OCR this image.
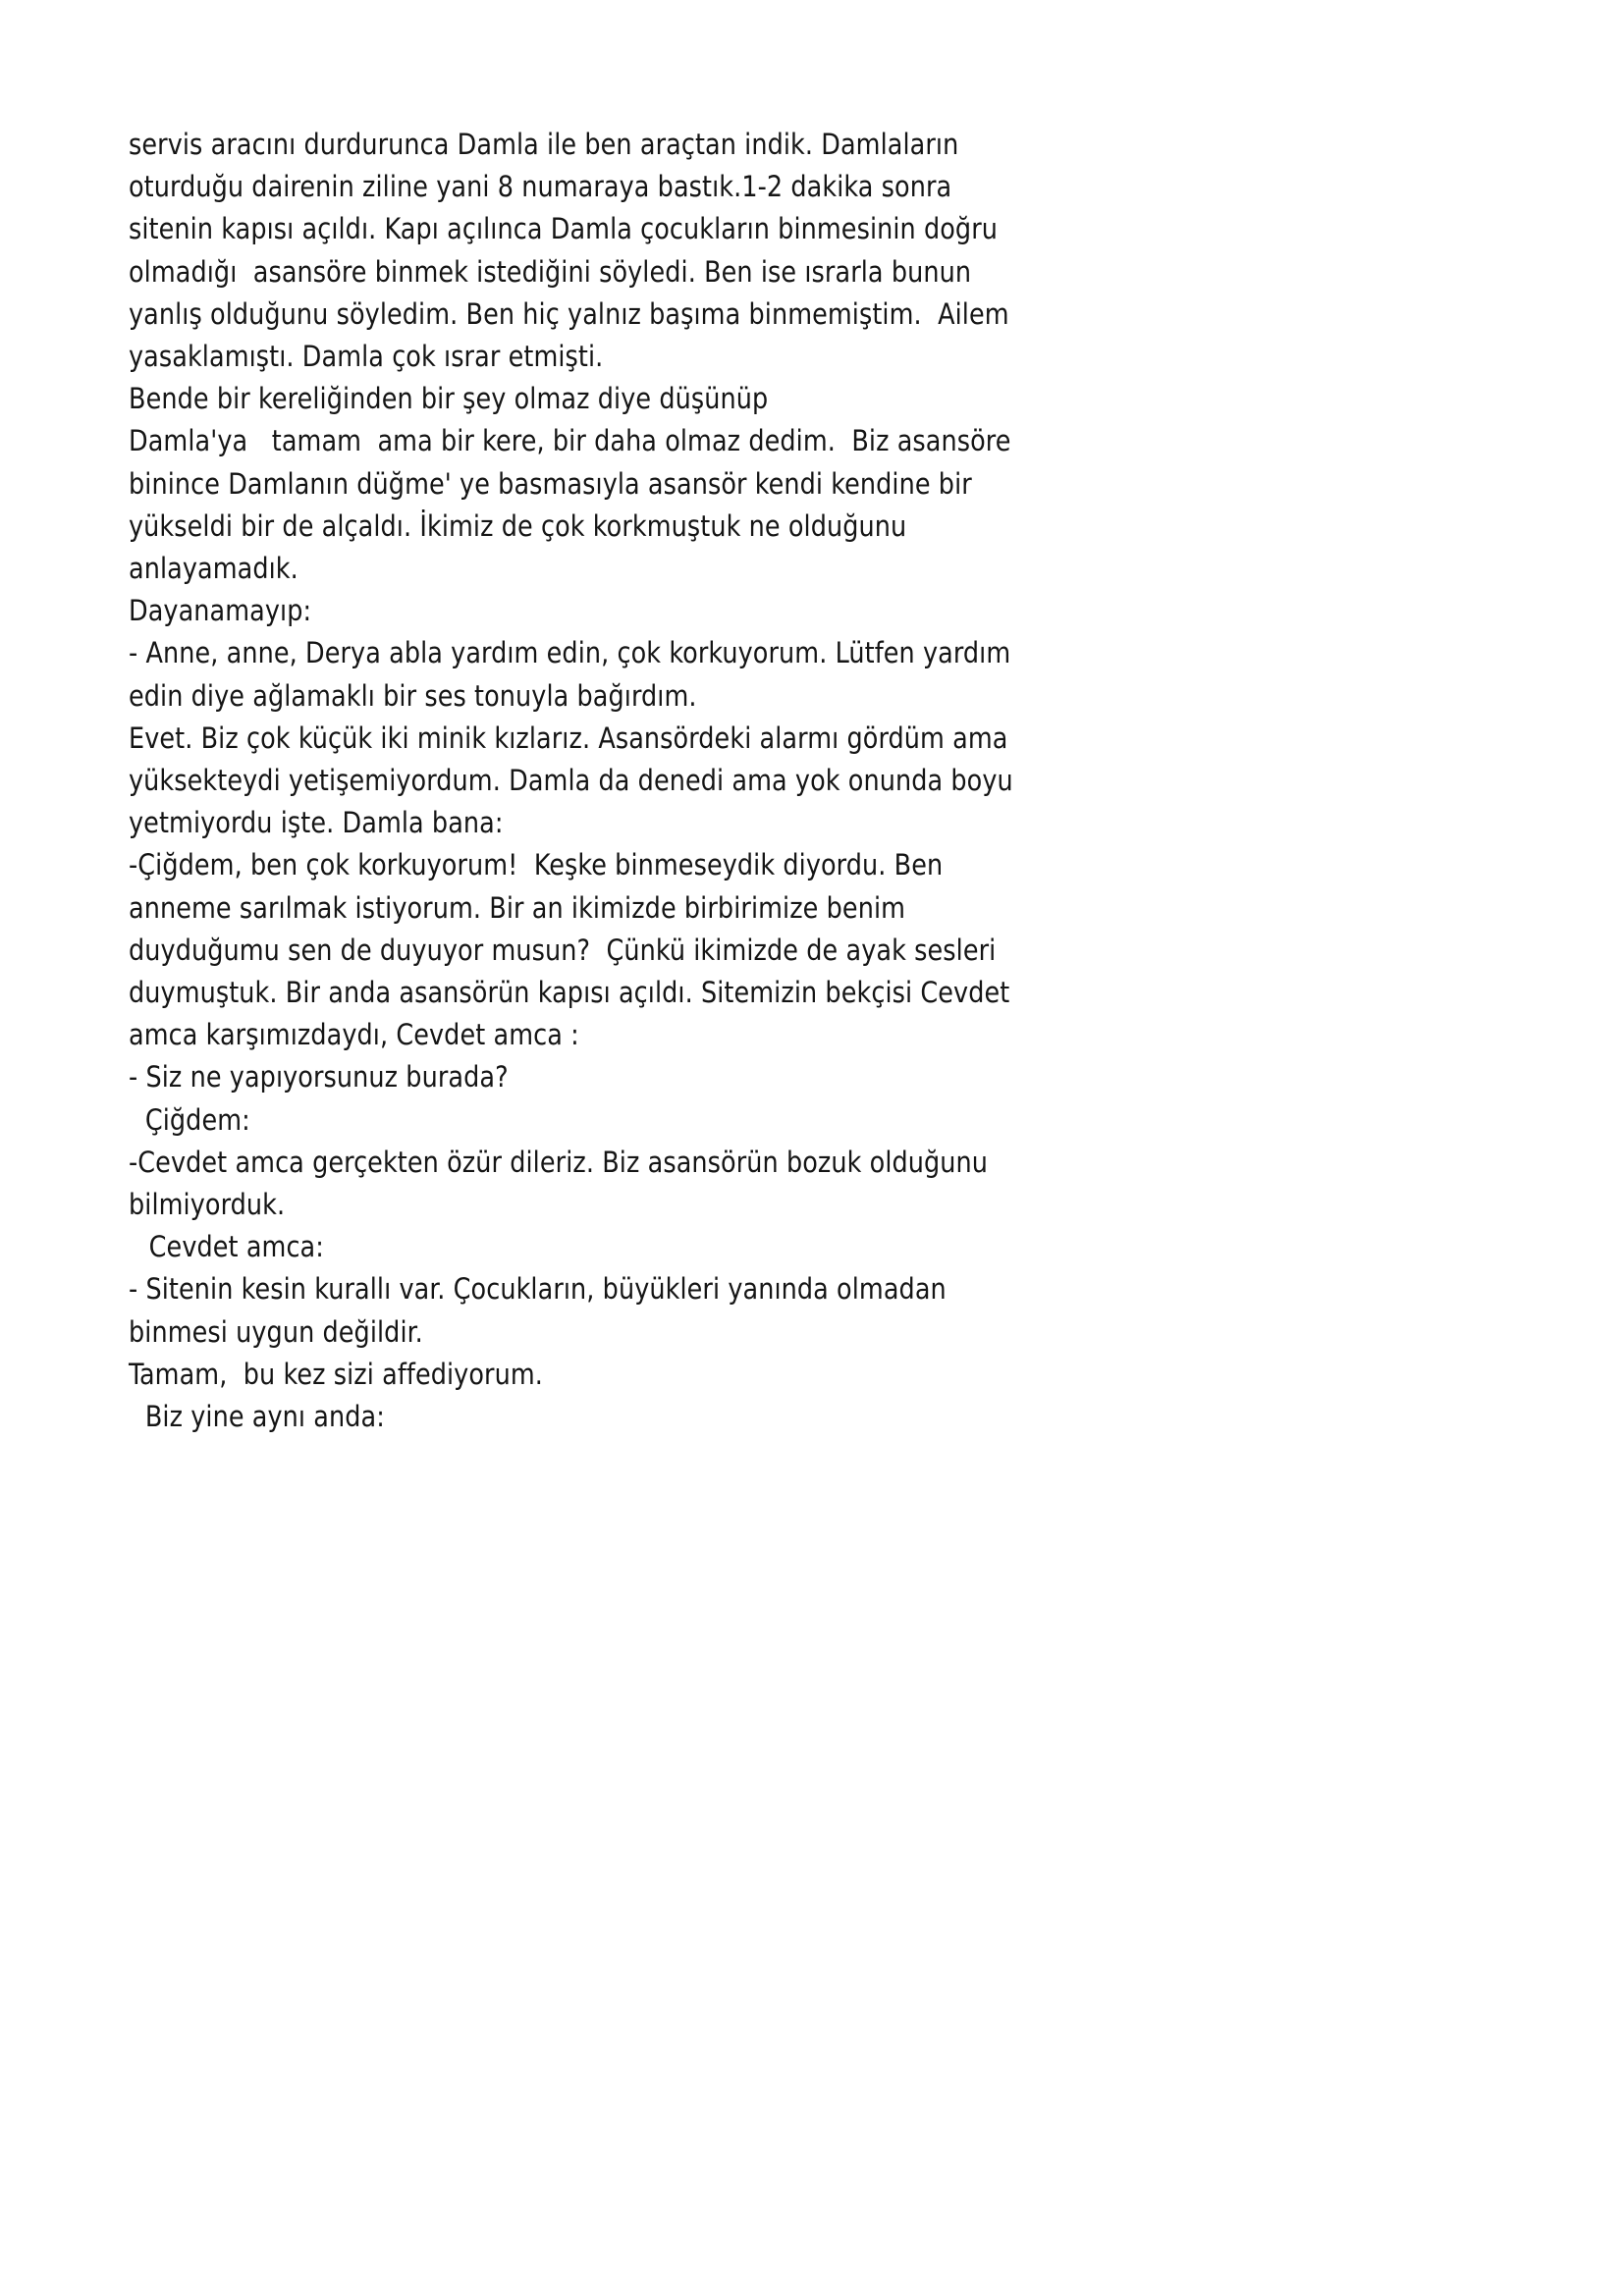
servis aracını durdurunca Damla ile ben araçtan indik. Damlaların
oturduğu dairenin ziline yani 8 numaraya bastık.1-2 dakika sonra
sitenin kapısı açıldı. Kapı açılınca Damla çocukların binmesinin doğru
olmadığı  asansöre binmek istediğini söyledi. Ben ise ısrarla bunun
yanlış olduğunu söyledim. Ben hiç yalnız başıma binmemiştim.  Ailem
yasaklamıştı. Damla çok ısrar etmişti.

Bende bir kereliğinden bir şey olmaz diye düşünüp

Damla'ya   tamam  ama bir kere, bir daha olmaz dedim.  Biz asansöre
binince Damlanın düğme' ye basmasıyla asansör kendi kendine bir
yükseldi bir de alçaldı. İkimiz de çok korkmuştuk ne olduğunu
anlayamadık.

Dayanamayıp:

- Anne, anne, Derya abla yardım edin, çok korkuyorum. Lütfen yardım
edin diye ağlamaklı bir ses tonuyla bağırdım.

Evet. Biz çok küçük iki minik kızlarız. Asansördeki alarmı gördüm ama
yüksekteydi yetişemiyordum. Damla da denedi ama yok onunda boyu
yetmiyordu işte. Damla bana:

-Çiğdem, ben çok korkuyorum!  Keşke binmeseydik diyordu. Ben
anneme sarılmak istiyorum. Bir an ikimizde birbirimize benim
duyduğumu sen de duyuyor musun?  Çünkü ikimizde de ayak sesleri
duymuştuk. Bir anda asansörün kapısı açıldı. Sitemizin bekçisi Cevdet
amca karşımızdaydı, Cevdet amca :

- Siz ne yapıyorsunuz burada?

Çiğdem:

-Cevdet amca gerçekten özür dileriz. Biz asansörün bozuk olduğunu
bilmiyorduk.

Cevdet amca:

- Sitenin kesin kurallı var. Çocukların, büyükleri yanında olmadan
binmesi uygun değildir.

Tamam,  bu kez sizi affediyorum.

Biz yine aynı anda:
